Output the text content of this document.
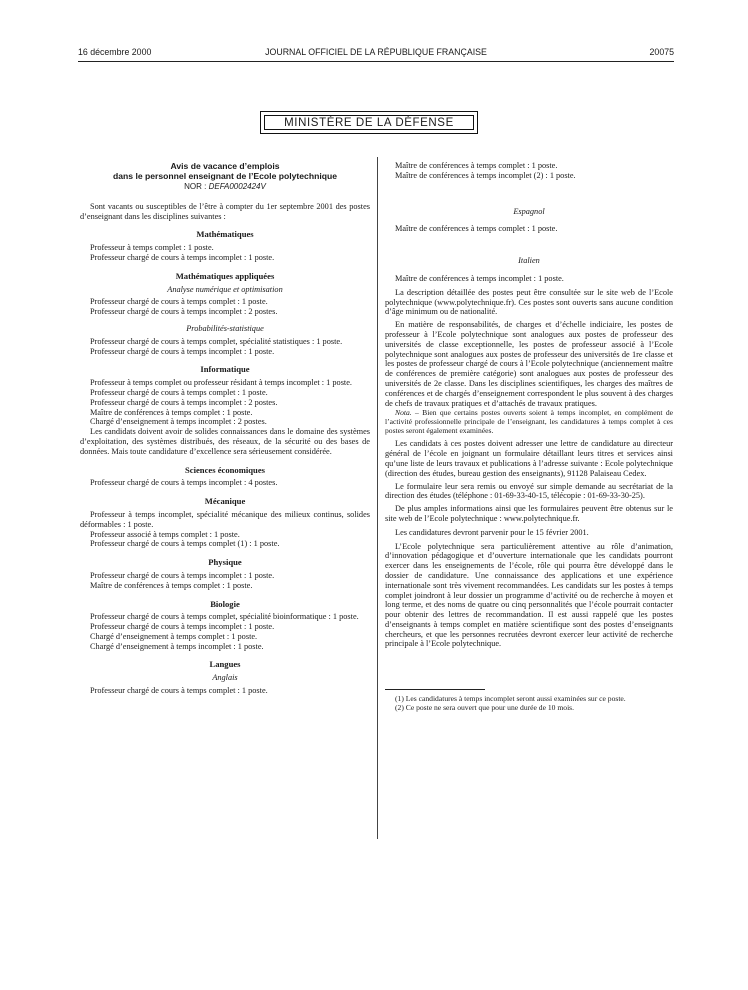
16 décembre 2000	JOURNAL OFFICIEL DE LA RÉPUBLIQUE FRANÇAISE	20075
MINISTÈRE DE LA DÉFENSE
Avis de vacance d’emplois
dans le personnel enseignant de l’Ecole polytechnique
NOR : DEFA0002424V

Sont vacants ou susceptibles de l’être à compter du 1er septembre 2001 des postes d’enseignant dans les disciplines suivantes :

Mathématiques

Professeur à temps complet : 1 poste.

Professeur chargé de cours à temps incomplet : 1 poste.

Mathématiques appliquées
Analyse numérique et optimisation

Professeur chargé de cours à temps complet : 1 poste.

Professeur chargé de cours à temps incomplet : 2 postes.

Probabilités-statistique

Professeur chargé de cours à temps complet, spécialité statistiques : 1 poste.

Professeur chargé de cours à temps incomplet : 1 poste.

Informatique

Professeur à temps complet ou professeur résidant à temps incomplet : 1 poste.

Professeur chargé de cours à temps complet : 1 poste.

Professeur chargé de cours à temps incomplet : 2 postes.

Maître de conférences à temps complet : 1 poste.

Chargé d’enseignement à temps incomplet : 2 postes.

Les candidats doivent avoir de solides connaissances dans le domaine des systèmes d’exploitation, des systèmes distribués, des réseaux, de la sécurité ou des bases de données. Mais toute candidature d’excellence sera sérieusement considérée.

Sciences économiques

Professeur chargé de cours à temps incomplet : 4 postes.

Mécanique

Professeur à temps incomplet, spécialité mécanique des milieux continus, solides déformables : 1 poste.

Professeur associé à temps complet : 1 poste.

Professeur chargé de cours à temps complet (1) : 1 poste.

Physique

Professeur chargé de cours à temps incomplet : 1 poste.

Maître de conférences à temps complet : 1 poste.

Biologie

Professeur chargé de cours à temps complet, spécialité bioinformatique : 1 poste.

Professeur chargé de cours à temps incomplet : 1 poste.

Chargé d’enseignement à temps complet : 1 poste.

Chargé d’enseignement à temps incomplet : 1 poste.

Langues
Anglais

Professeur chargé de cours à temps complet : 1 poste.

Maître de conférences à temps complet : 1 poste.

Maître de conférences à temps incomplet (2) : 1 poste.

Espagnol

Maître de conférences à temps complet : 1 poste.

Italien

Maître de conférences à temps incomplet : 1 poste.

La description détaillée des postes peut être consultée sur le site web de l’Ecole polytechnique (www.polytechnique.fr). Ces postes sont ouverts sans aucune condition d’âge minimum ou de nationalité.

En matière de responsabilités, de charges et d’échelle indiciaire, les postes de professeur à l’Ecole polytechnique sont analogues aux postes de professeur des universités de classe exceptionnelle, les postes de professeur associé à l’Ecole polytechnique sont analogues aux postes de professeur des universités de 1re classe et les postes de professeur chargé de cours à l’Ecole polytechnique (anciennement maître de conférences de première catégorie) sont analogues aux postes de professeur des universités de 2e classe. Dans les disciplines scientifiques, les charges des maîtres de conférences et de chargés d’enseignement correspondent le plus souvent à des charges de chefs de travaux pratiques et d’attachés de travaux pratiques.

Nota. – Bien que certains postes ouverts soient à temps incomplet, en complément de l’activité professionnelle principale de l’enseignant, les candidatures à temps complet à ces postes seront également examinées.

Les candidats à ces postes doivent adresser une lettre de candidature au directeur général de l’école en joignant un formulaire détaillant leurs titres et services ainsi qu’une liste de leurs travaux et publications à l’adresse suivante : Ecole polytechnique (direction des études, bureau gestion des enseignants), 91128 Palaiseau Cedex.

Le formulaire leur sera remis ou envoyé sur simple demande au secrétariat de la direction des études (téléphone : 01-69-33-40-15, télécopie : 01-69-33-30-25).

De plus amples informations ainsi que les formulaires peuvent être obtenus sur le site web de l’Ecole polytechnique : www.polytechnique.fr.

Les candidatures devront parvenir pour le 15 février 2001.

L’Ecole polytechnique sera particulièrement attentive au rôle d’animation, d’innovation pédagogique et d’ouverture internationale que les candidats pourront exercer dans les enseignements de l’école, rôle qui pourra être développé dans le dossier de candidature. Une connaissance des applications et une expérience internationale sont très vivement recommandées. Les candidats sur les postes à temps complet joindront à leur dossier un programme d’activité ou de recherche à moyen et long terme, et des noms de quatre ou cinq personnalités que l’école pourrait contacter pour obtenir des lettres de recommandation. Il est aussi rappelé que les postes d’enseignants à temps complet en matière scientifique sont des postes d’enseignants chercheurs, et que les personnes recrutées devront exercer leur activité de recherche principale à l’Ecole polytechnique.

(1) Les candidatures à temps incomplet seront aussi examinées sur ce poste.

(2) Ce poste ne sera ouvert que pour une durée de 10 mois.
